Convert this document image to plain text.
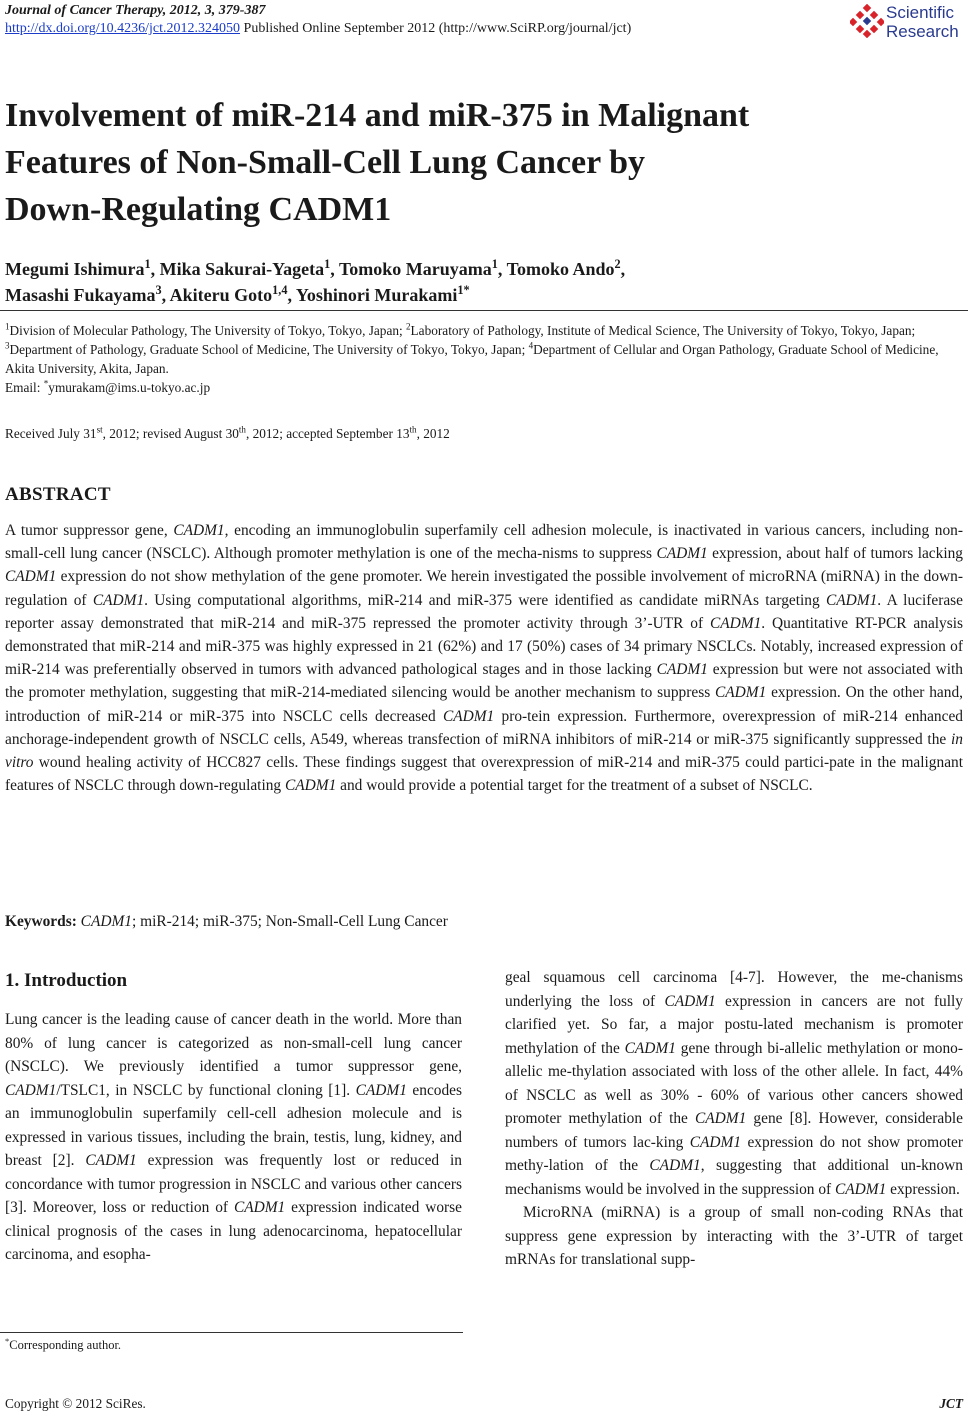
Journal of Cancer Therapy, 2012, 3, 379-387
http://dx.doi.org/10.4236/jct.2012.324050 Published Online September 2012 (http://www.SciRP.org/journal/jct)
Scientific
Research
Involvement of miR-214 and miR-375 in Malignant
Features of Non-Small-Cell Lung Cancer by
Down-Regulating CADM1
Megumi Ishimura$^1$, Mika Sakurai-Yageta$^1$, Tomoko Maruyama$^1$, Tomoko Ando$^2$,
Masashi Fukayama$^3$, Akiteru Goto$^{1,4}$, Yoshinori Murakami$^{1*}$
$^1$Division of Molecular Pathology, The University of Tokyo, Tokyo, Japan; $^2$Laboratory of Pathology, Institute of Medical Science, The University of Tokyo, Tokyo, Japan; $^3$Department of Pathology, Graduate School of Medicine, The University of Tokyo, Tokyo, Japan; $^4$Department of Cellular and Organ Pathology, Graduate School of Medicine, Akita University, Akita, Japan.
Email: *ymurakam@ims.u-tokyo.ac.jp
Received July 31st, 2012; revised August 30th, 2012; accepted September 13th, 2012
ABSTRACT
A tumor suppressor gene, CADM1, encoding an immunoglobulin superfamily cell adhesion molecule, is inactivated in various cancers, including non-small-cell lung cancer (NSCLC). Although promoter methylation is one of the mecha-nisms to suppress CADM1 expression, about half of tumors lacking CADM1 expression do not show methylation of the gene promoter. We herein investigated the possible involvement of microRNA (miRNA) in the down-regulation of CADM1. Using computational algorithms, miR-214 and miR-375 were identified as candidate miRNAs targeting CADM1. A luciferase reporter assay demonstrated that miR-214 and miR-375 repressed the promoter activity through 3’-UTR of CADM1. Quantitative RT-PCR analysis demonstrated that miR-214 and miR-375 was highly expressed in 21 (62%) and 17 (50%) cases of 34 primary NSCLCs. Notably, increased expression of miR-214 was preferentially observed in tumors with advanced pathological stages and in those lacking CADM1 expression but were not associated with the promoter methylation, suggesting that miR-214-mediated silencing would be another mechanism to suppress CADM1 expression. On the other hand, introduction of miR-214 or miR-375 into NSCLC cells decreased CADM1 pro-tein expression. Furthermore, overexpression of miR-214 enhanced anchorage-independent growth of NSCLC cells, A549, whereas transfection of miRNA inhibitors of miR-214 or miR-375 significantly suppressed the in vitro wound healing activity of HCC827 cells. These findings suggest that overexpression of miR-214 and miR-375 could partici-pate in the malignant features of NSCLC through down-regulating CADM1 and would provide a potential target for the treatment of a subset of NSCLC.
Keywords: CADM1; miR-214; miR-375; Non-Small-Cell Lung Cancer
1. Introduction
Lung cancer is the leading cause of cancer death in the world. More than 80% of lung cancer is categorized as non-small-cell lung cancer (NSCLC). We previously identified a tumor suppressor gene, CADM1/TSLC1, in NSCLC by functional cloning [1]. CADM1 encodes an immunoglobulin superfamily cell-cell adhesion molecule and is expressed in various tissues, including the brain, testis, lung, kidney, and breast [2]. CADM1 expression was frequently lost or reduced in concordance with tumor progression in NSCLC and various other cancers [3]. Moreover, loss or reduction of CADM1 expression indicated worse clinical prognosis of the cases in lung adenocarcinoma, hepatocellular carcinoma, and esopha-
geal squamous cell carcinoma [4-7]. However, the me-chanisms underlying the loss of CADM1 expression in cancers are not fully clarified yet. So far, a major postu-lated mechanism is promoter methylation of the CADM1 gene through bi-allelic methylation or mono-allelic me-thylation associated with loss of the other allele. In fact, 44% of NSCLC as well as 30% - 60% of various other cancers showed promoter methylation of the CADM1 gene [8]. However, considerable numbers of tumors lac-king CADM1 expression do not show promoter methy-lation of the CADM1, suggesting that additional un-known mechanisms would be involved in the suppression of CADM1 expression.
MicroRNA (miRNA) is a group of small non-coding RNAs that suppress gene expression by interacting with the 3’-UTR of target mRNAs for translational supp-
*Corresponding author.
Copyright © 2012 SciRes.	JCT
